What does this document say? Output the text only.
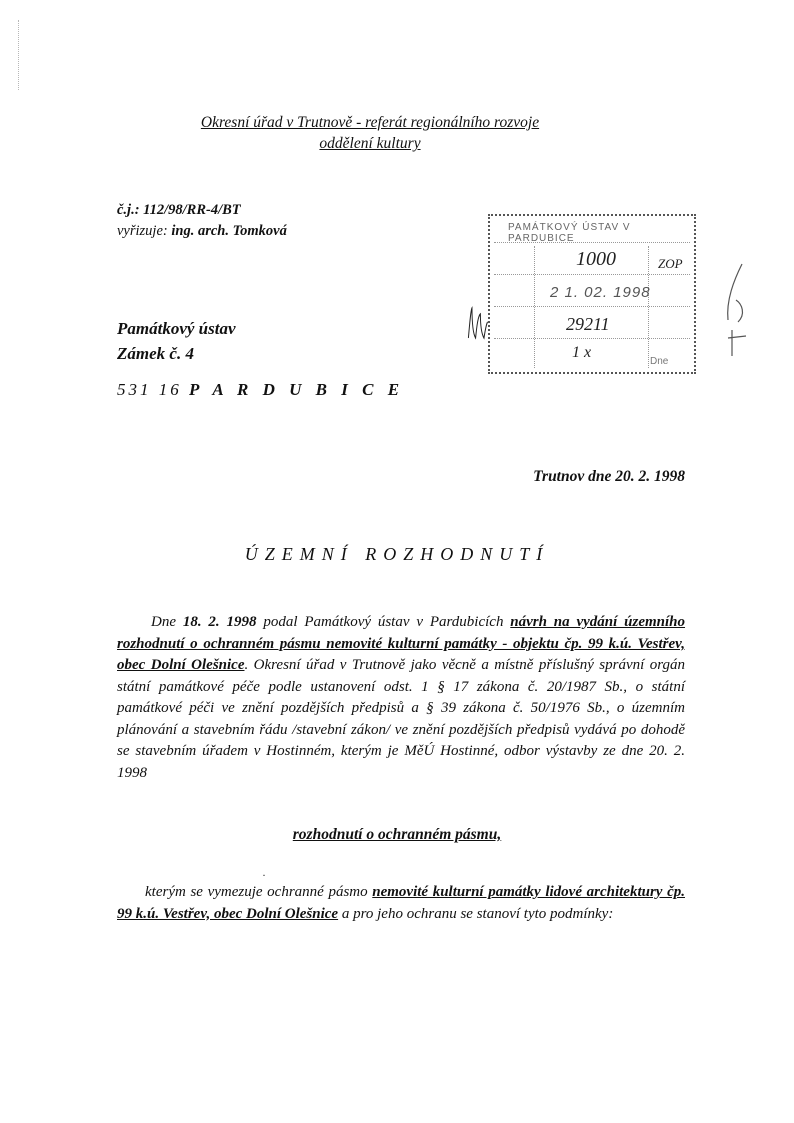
Okresní úřad v Trutnově - referát regionálního rozvoje
oddělení kultury
č.j.: 112/98/RR-4/BT
vyřizuje: ing. arch. Tomková	PAMÁTKOVÝ ÚSTAV V PARDUBICE
1000	ZOP
2 1. 02. 1998
29211
1 x
Dne
Památkový ústav
Zámek č. 4
531 16 P A R D U B I C E
Trutnov dne 20. 2. 1998
ÚZEMNÍ ROZHODNUTÍ
Dne 18. 2. 1998 podal Památkový ústav v Pardubicích návrh na vydání územního rozhodnutí o ochranném pásmu nemovité kulturní památky - objektu čp. 99 k.ú. Vestřev, obec Dolní Olešnice. Okresní úřad v Trutnově jako věcně a místně příslušný správní orgán státní památkové péče podle ustanovení odst. 1 § 17 zákona č. 20/1987 Sb., o státní památkové péči ve znění pozdějších předpisů a § 39 zákona č. 50/1976 Sb., o územním plánování a stavebním řádu /stavební zákon/ ve znění pozdějších předpisů vydává po dohodě se stavebním úřadem v Hostinném, kterým je MěÚ Hostinné, odbor výstavby ze dne 20. 2. 1998
rozhodnutí o ochranném pásmu,
·
kterým se vymezuje ochranné pásmo nemovité kulturní památky lidové architektury čp. 99 k.ú. Vestřev, obec Dolní Olešnice a pro jeho ochranu se stanoví tyto podmínky:
